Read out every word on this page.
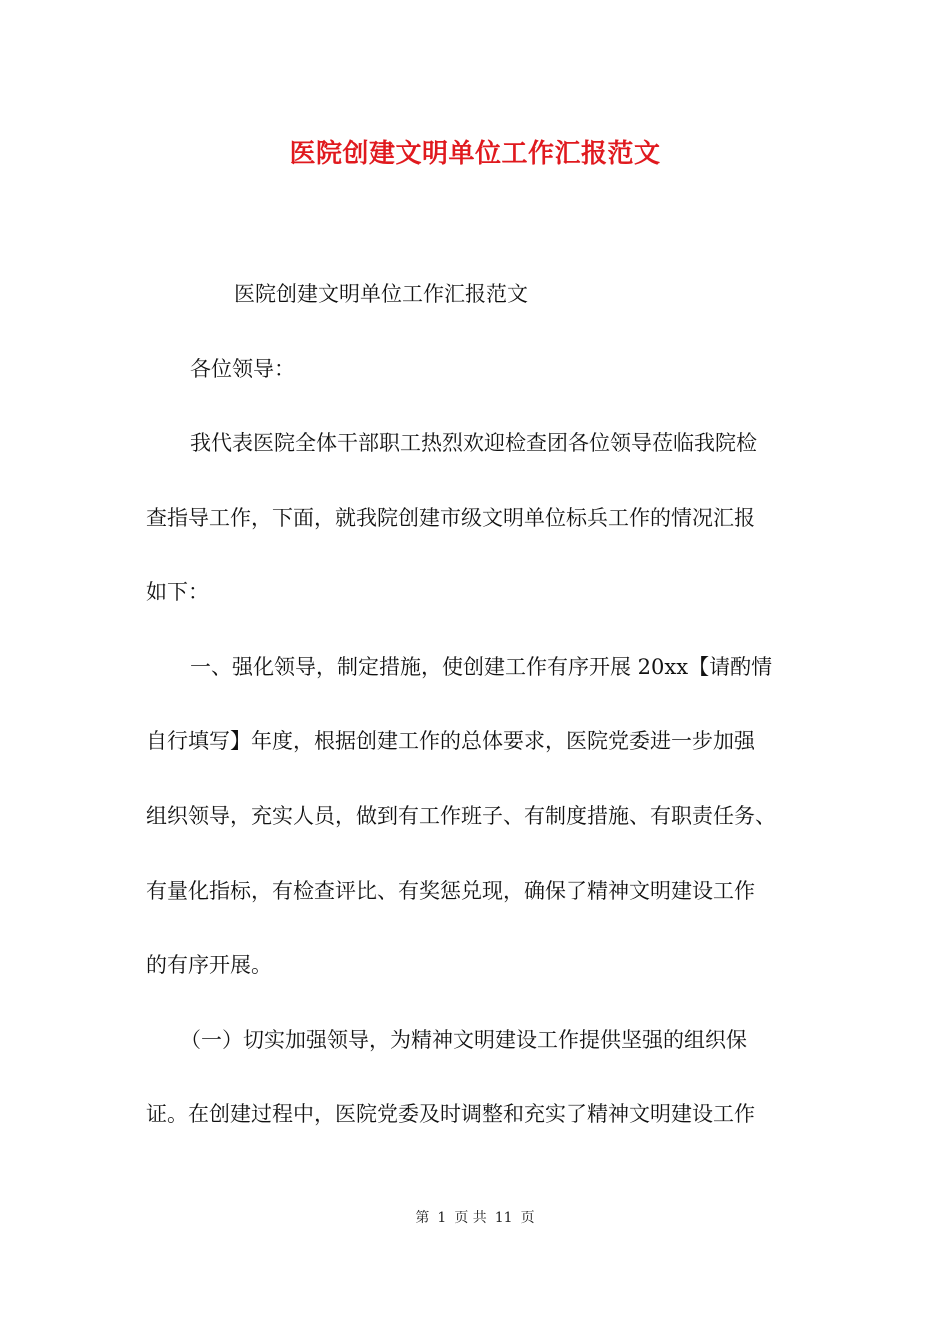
医院创建文明单位工作汇报范文
医院创建文明单位工作汇报范文
各位领导：
我代表医院全体干部职工热烈欢迎检查团各位领导莅临我院检
查指导工作，下面，就我院创建市级文明单位标兵工作的情况汇报
如下：
一、强化领导，制定措施，使创建工作有序开展 20xx【请酌情
自行填写】年度，根据创建工作的总体要求，医院党委进一步加强
组织领导，充实人员，做到有工作班子、有制度措施、有职责任务、
有量化指标，有检查评比、有奖惩兑现，确保了精神文明建设工作
的有序开展。
（一）切实加强领导，为精神文明建设工作提供坚强的组织保
证。在创建过程中，医院党委及时调整和充实了精神文明建设工作
第 1 页 共 11 页
